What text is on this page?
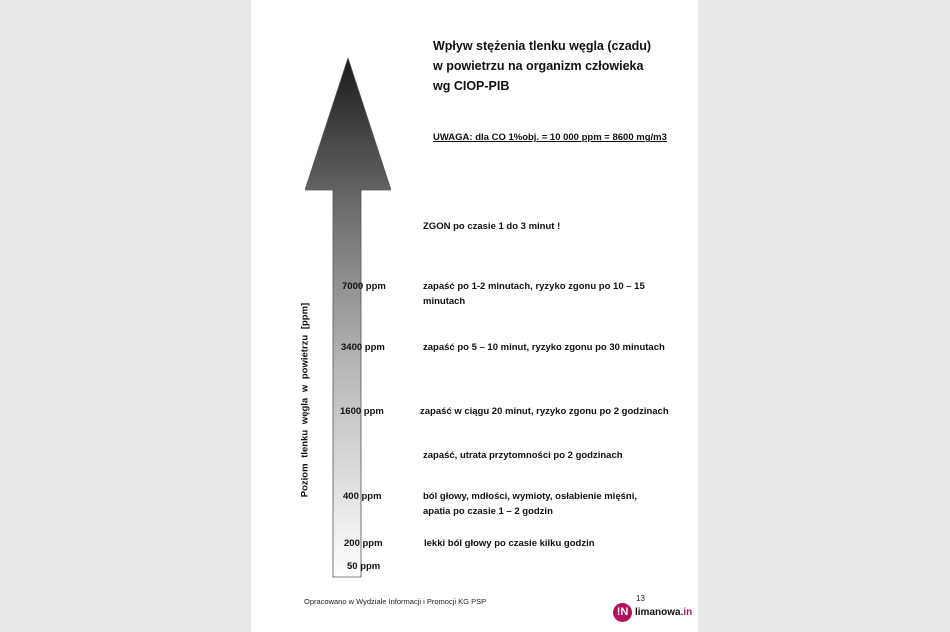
Wpływ stężenia tlenku węgla (czadu)
w powietrzu na organizm człowieka
wg CIOP-PIB
UWAGA: dla CO 1%obj. = 10 000 ppm = 8600 mg/m3
Poziom tlenku węgla w powietrzu [ppm]
ZGON po czasie 1 do 3 minut !
7000 ppm	zapaść po 1-2 minutach, ryzyko zgonu po 10 – 15 minutach
3400 ppm	zapaść po 5 – 10 minut, ryzyko zgonu po 30 minutach
1600 ppm	zapaść w ciągu 20 minut, ryzyko zgonu po 2 godzinach
zapaść, utrata przytomności po 2 godzinach
400 ppm	ból głowy, mdłości, wymioty, osłabienie mięśni, apatia po czasie 1 – 2 godzin
200 ppm	lekki ból głowy po czasie kilku godzin
50 ppm
Opracowano w Wydziale Informacji i Promocji KG PSP	13
!N limanowa.in
